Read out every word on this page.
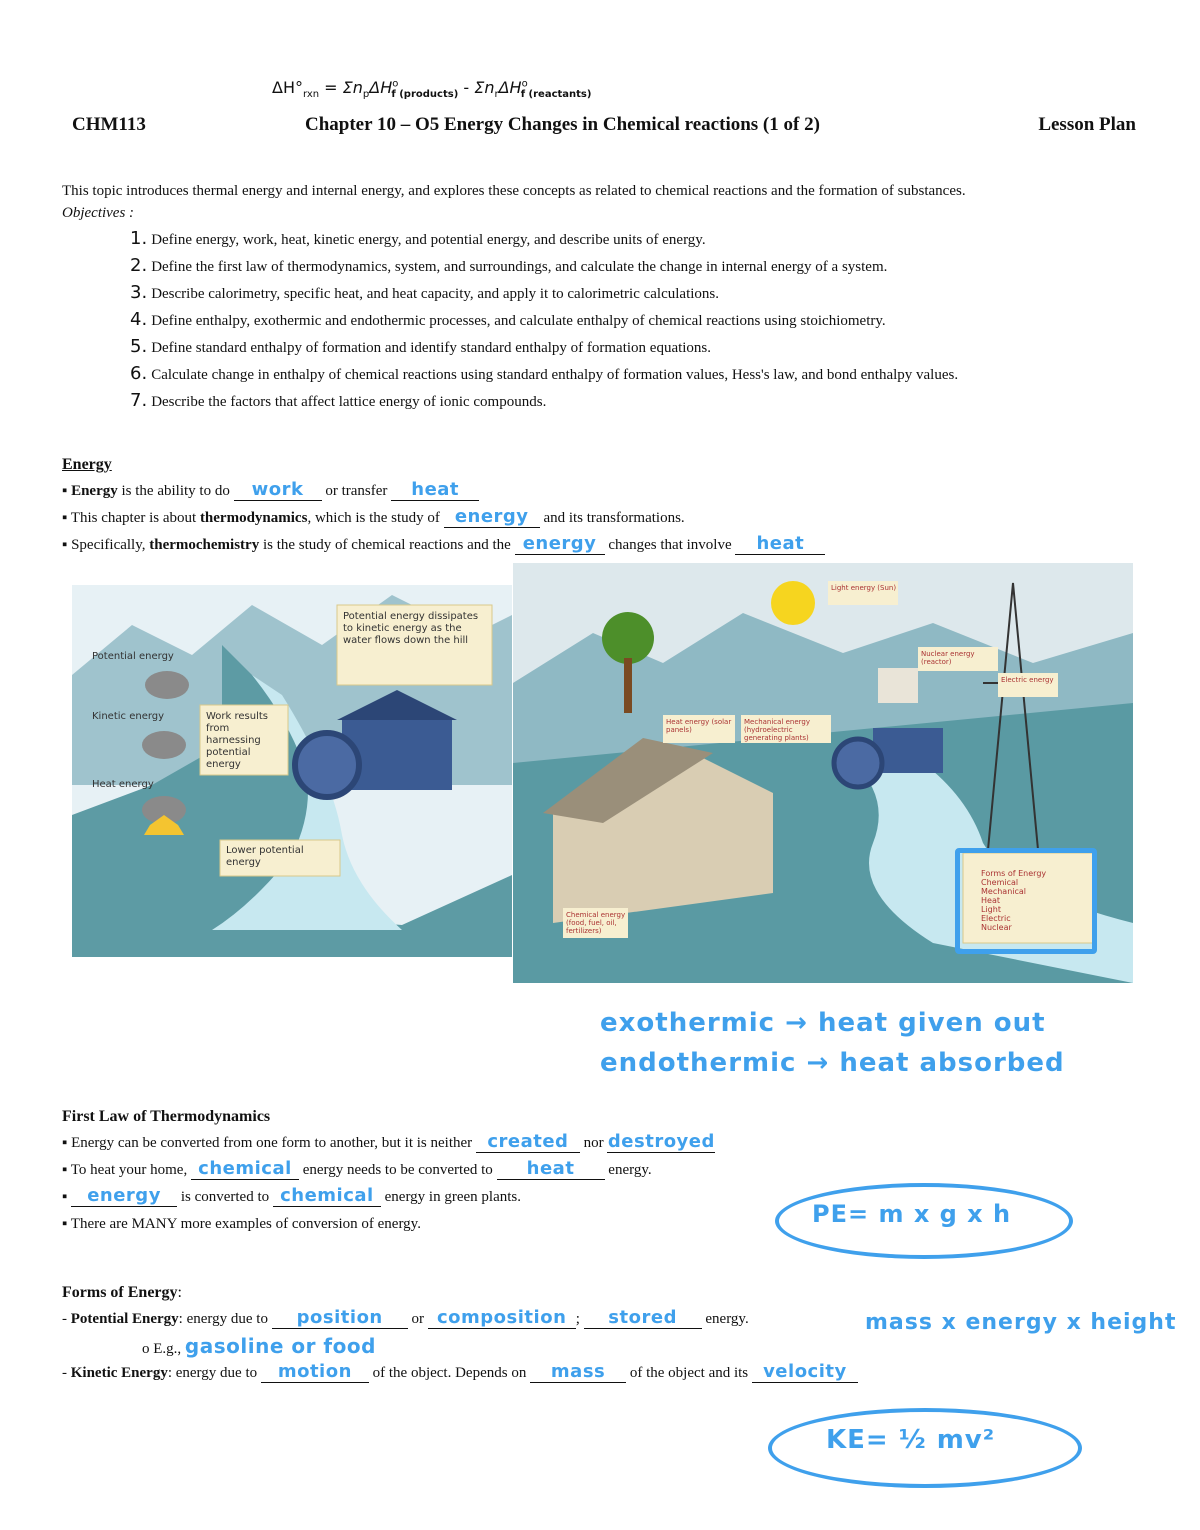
$\Delta H^\circ_{rxn} = \Sigma n_p\Delta H^o_{f (products)} - \Sigma n_r\Delta H^o_{f (reactants)}$
CHM113	Chapter 10 – O5 Energy Changes in Chemical reactions (1 of 2)	Lesson Plan
This topic introduces thermal energy and internal energy, and explores these concepts as related to chemical reactions and the formation of substances.
Objectives :
1. Define energy, work, heat, kinetic energy, and potential energy, and describe units of energy.
2. Define the first law of thermodynamics, system, and surroundings, and calculate the change in internal energy of a system.
3. Describe calorimetry, specific heat, and heat capacity, and apply it to calorimetric calculations.
4. Define enthalpy, exothermic and endothermic processes, and calculate enthalpy of chemical reactions using stoichiometry.
5. Define standard enthalpy of formation and identify standard enthalpy of formation equations.
6. Calculate change in enthalpy of chemical reactions using standard enthalpy of formation values, Hess's law, and bond enthalpy values.
7. Describe the factors that affect lattice energy of ionic compounds.
Energy
▪ Energy is the ability to do work or transfer heat
▪ This chapter is about thermodynamics, which is the study of energy and its transformations.
▪ Specifically, thermochemistry is the study of chemical reactions and the energy changes that involve heat
Potential energy
Kinetic energy
Heat energy
Potential energy dissipates to kinetic energy as the water flows down the hill
Work results from harnessing potential energy
Lower potential energy
Light energy (Sun)
Nuclear energy (reactor)
Electric energy
Heat energy (solar panels)
Mechanical energy (hydroelectric generating plants)
Chemical energy (food, fuel, oil, fertilizers)
Forms of Energy
Chemical
Mechanical
Heat
Light
Electric
Nuclear
exothermic → heat given out
endothermic → heat absorbed
PE= m x g x h
mass x energy x height
KE= ½ mv²
First Law of Thermodynamics
▪ Energy can be converted from one form to another, but it is neither created nor destroyed
▪ To heat your home, chemical energy needs to be converted to heat energy.
▪ energy is converted to chemical energy in green plants.
▪ There are MANY more examples of conversion of energy.
Forms of Energy:
- Potential Energy: energy due to position or composition ; stored energy.
o E.g., gasoline or food
- Kinetic Energy: energy due to motion of the object. Depends on mass of the object and its velocity
